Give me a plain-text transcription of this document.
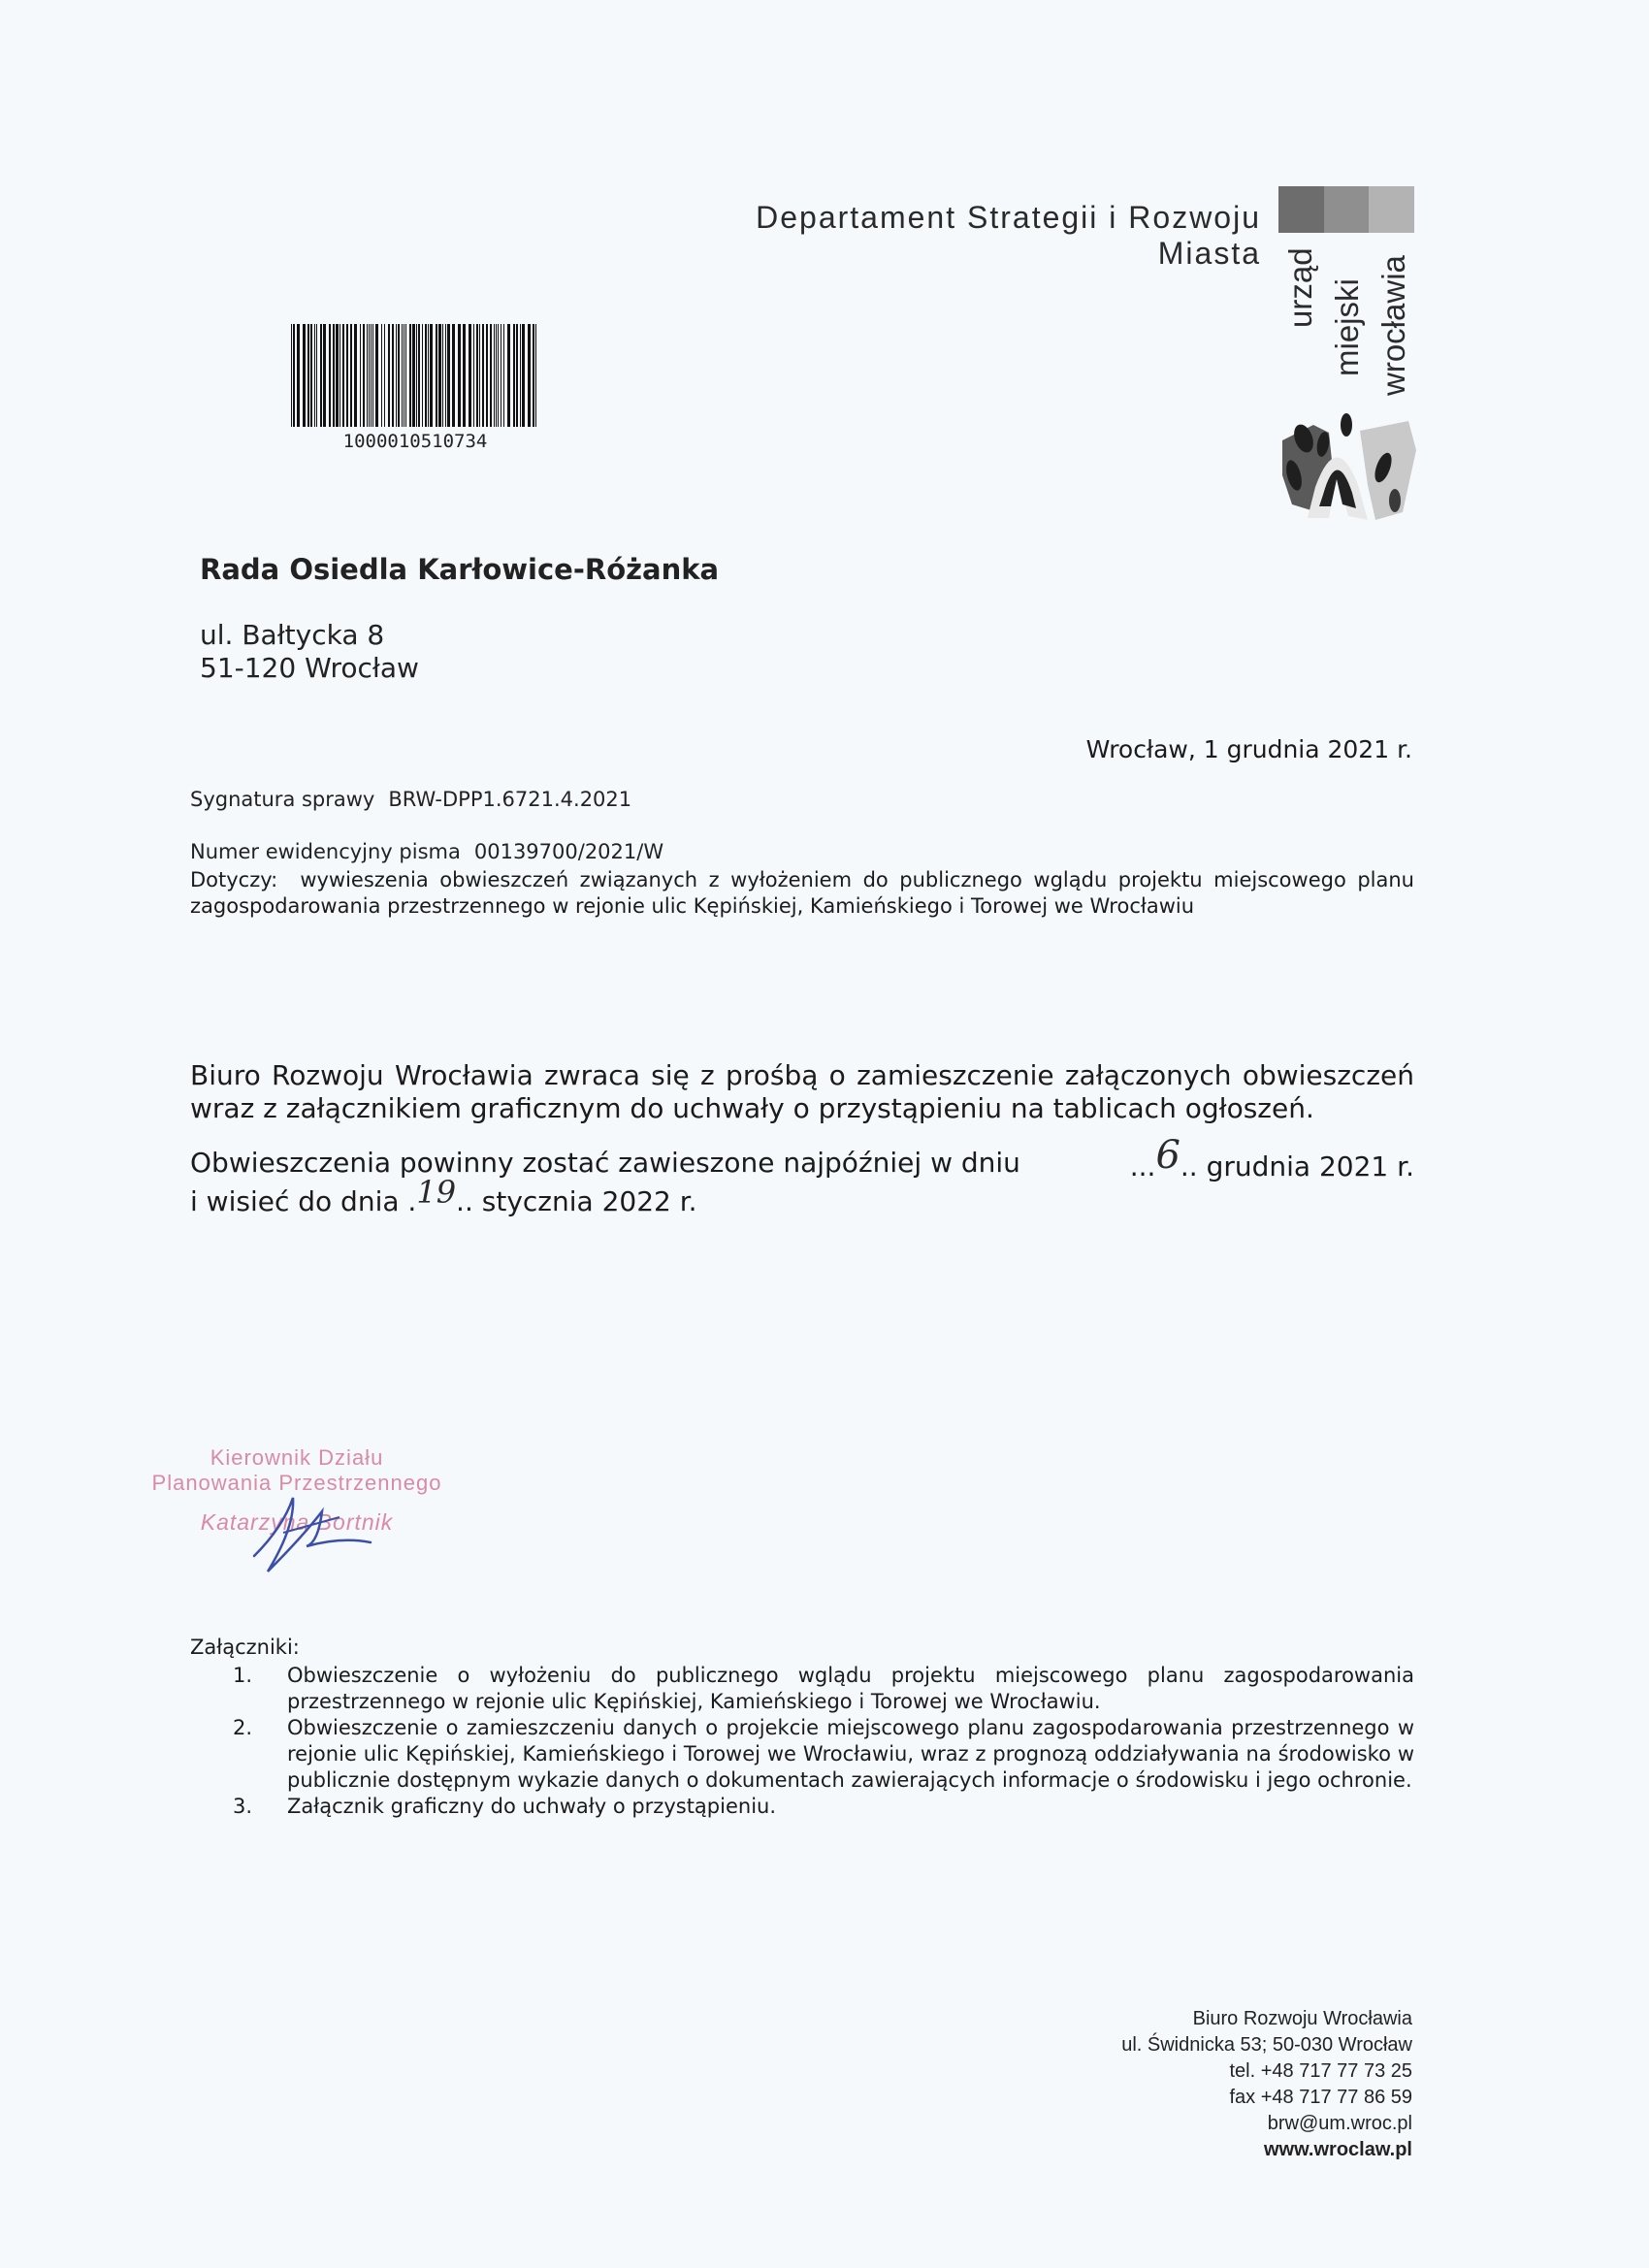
Departament Strategii i Rozwoju Miasta urząd miejski wrocławia
1000010510734
Rada Osiedla Karłowice-Różanka
ul. Bałtycka 8
51-120 Wrocław
Wrocław, 1 grudnia 2021 r.
Sygnatura sprawy BRW-DPP1.6721.4.2021
Numer ewidencyjny pisma 00139700/2021/W
Dotyczy: wywieszenia obwieszczeń związanych z wyłożeniem do publicznego wglądu projektu miejscowego planu zagospodarowania przestrzennego w rejonie ulic Kępińskiej, Kamieńskiego i Torowej we Wrocławiu
Biuro Rozwoju Wrocławia zwraca się z prośbą o zamieszczenie załączonych obwieszczeń wraz z załącznikiem graficznym do uchwały o przystąpieniu na tablicach ogłoszeń.
Obwieszczenia powinny zostać zawieszone najpóźniej w dniu	...6.. grudnia 2021 r.
i wisieć do dnia .19.. stycznia 2022 r.
Kierownik Działu
Planowania Przestrzennego
Katarzyna Bortnik
Załączniki:
1.	Obwieszczenie o wyłożeniu do publicznego wglądu projektu miejscowego planu zagospodarowania przestrzennego w rejonie ulic Kępińskiej, Kamieńskiego i Torowej we Wrocławiu.
2.	Obwieszczenie o zamieszczeniu danych o projekcie miejscowego planu zagospodarowania przestrzennego w rejonie ulic Kępińskiej, Kamieńskiego i Torowej we Wrocławiu, wraz z prognozą oddziaływania na środowisko w publicznie dostępnym wykazie danych o dokumentach zawierających informacje o środowisku i jego ochronie.
3.	Załącznik graficzny do uchwały o przystąpieniu.
Biuro Rozwoju Wrocławia
ul. Świdnicka 53; 50-030 Wrocław
tel. +48 717 77 73 25
fax +48 717 77 86 59
brw@um.wroc.pl
www.wroclaw.pl
